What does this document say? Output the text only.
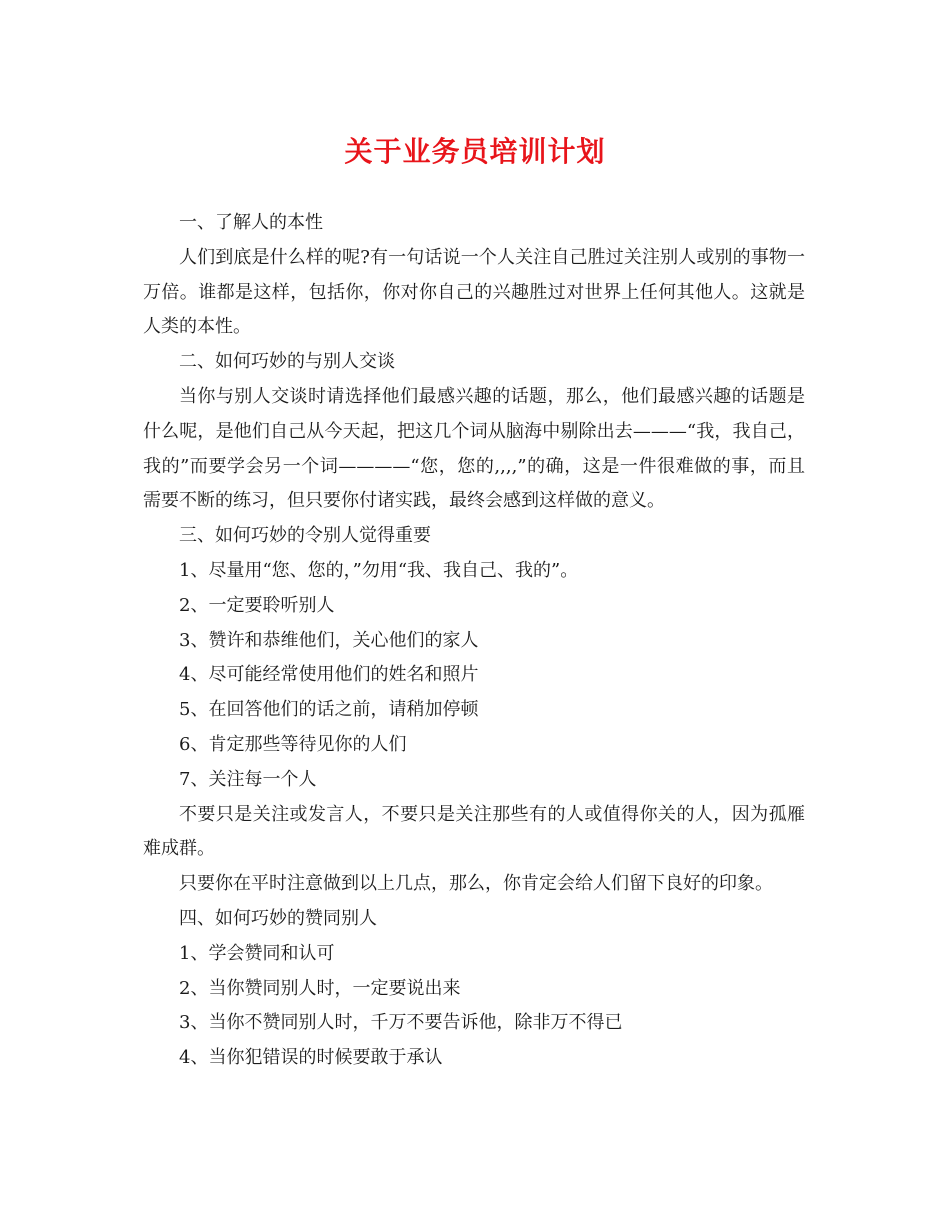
关于业务员培训计划

一、了解人的本性

人们到底是什么样的呢?有一句话说一个人关注自己胜过关注别人或别的事物一万倍。谁都是这样，包括你，你对你自己的兴趣胜过对世界上任何其他人。这就是人类的本性。

二、如何巧妙的与别人交谈

当你与别人交谈时请选择他们最感兴趣的话题，那么，他们最感兴趣的话题是什么呢，是他们自己从今天起，把这几个词从脑海中剔除出去———“我，我自己，我的”而要学会另一个词————“您，您的,,,,”的确，这是一件很难做的事，而且需要不断的练习，但只要你付诸实践，最终会感到这样做的意义。

三、如何巧妙的令别人觉得重要

1、尽量用“您、您的，”勿用“我、我自己、我的”。

2、一定要聆听别人

3、赞许和恭维他们，关心他们的家人

4、尽可能经常使用他们的姓名和照片

5、在回答他们的话之前，请稍加停顿

6、肯定那些等待见你的人们

7、关注每一个人

不要只是关注或发言人，不要只是关注那些有的人或值得你关的人，因为孤雁难成群。

只要你在平时注意做到以上几点，那么，你肯定会给人们留下良好的印象。

四、如何巧妙的赞同别人

1、学会赞同和认可

2、当你赞同别人时，一定要说出来

3、当你不赞同别人时，千万不要告诉他，除非万不得已

4、当你犯错误的时候要敢于承认
